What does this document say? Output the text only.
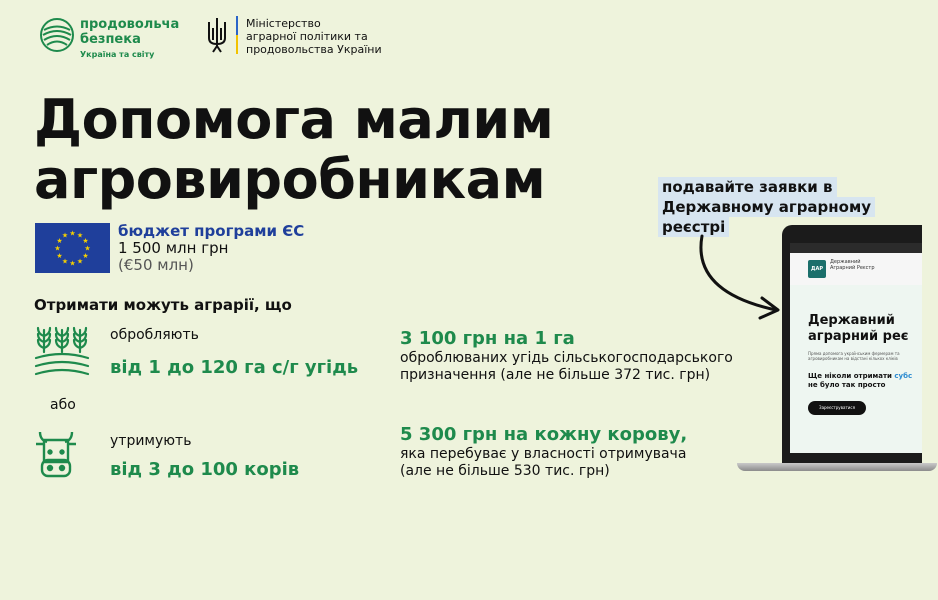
продовольча
безпека
Україна та світу
Міністерство
аграрної політики та
продовольства України
Допомога малим
агровиробникам
★
★
★
★
★
★
★
★
★ ★ ★
★
бюджет програми ЄС
1 500 млн грн
(€50 млн)
Отримати можуть аграрії, що
обробляють
від 1 до 120 га с/г угідь
або
утримують
від 3 до 100 корів
3 100 грн на 1 га
оброблюваних угідь сільськогосподарського
призначення (але не більше 372 тис. грн)
5 300 грн на кожну корову,
яка перебуває у власності отримувача
(але не більше 530 тис. грн)
подавайте заявки в
Державному аграрному
реєстрі
ДАР
Державний Аграрний Реєстр
Державний
аграрний реє
Пряма допомога українським фермерам та агровиробникам на відстані кількох кліків
Ще ніколи отримати субс
не було так просто
Зареєструватися
